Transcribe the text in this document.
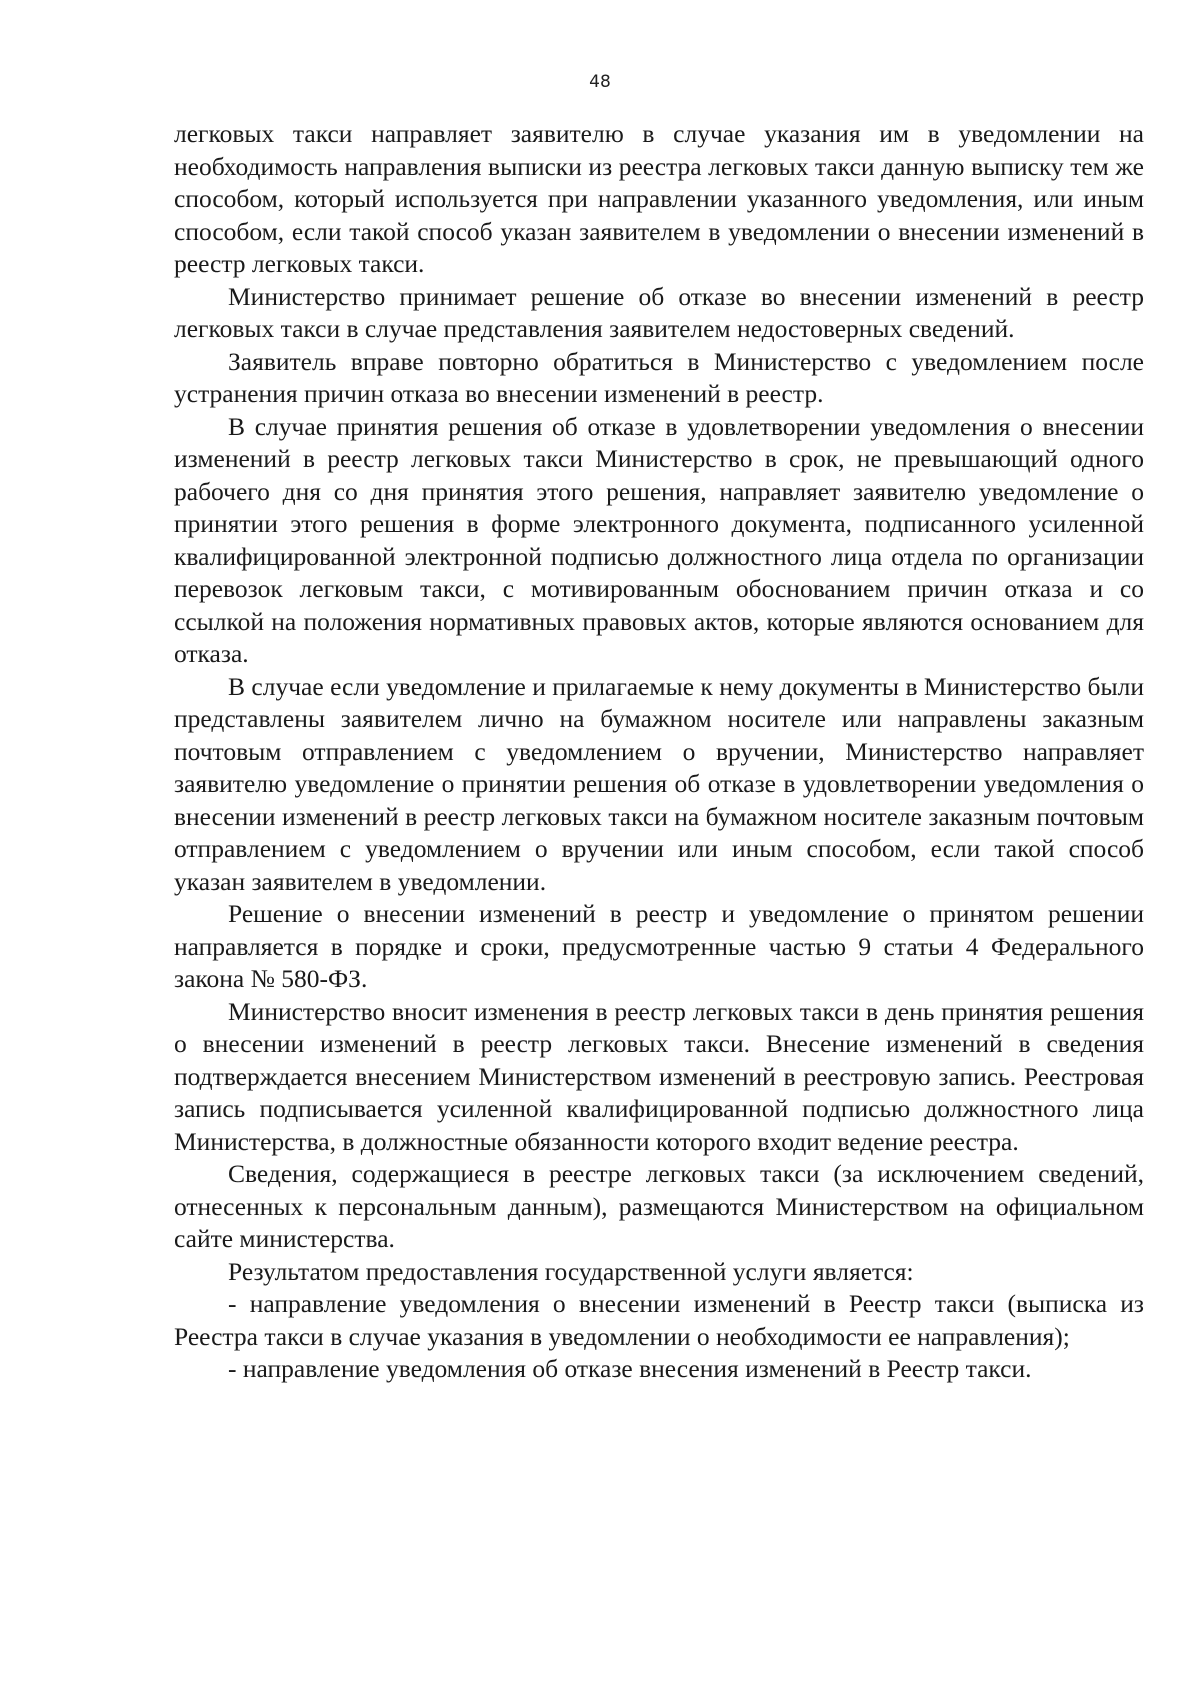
48

легковых такси направляет заявителю в случае указания им в уведомлении на необходимость направления выписки из реестра легковых такси данную выписку тем же способом, который используется при направлении указанного уведомления, или иным способом, если такой способ указан заявителем в уведомлении о внесении изменений в реестр легковых такси.

Министерство принимает решение об отказе во внесении изменений в реестр легковых такси в случае представления заявителем недостоверных сведений.

Заявитель вправе повторно обратиться в Министерство с уведомлением после устранения причин отказа во внесении изменений в реестр.

В случае принятия решения об отказе в удовлетворении уведомления о внесении изменений в реестр легковых такси Министерство в срок, не превышающий одного рабочего дня со дня принятия этого решения, направляет заявителю уведомление о принятии этого решения в форме электронного документа, подписанного усиленной квалифицированной электронной подписью должностного лица отдела по организации перевозок легковым такси, с мотивированным обоснованием причин отказа и со ссылкой на положения нормативных правовых актов, которые являются основанием для отказа.

В случае если уведомление и прилагаемые к нему документы в Министерство были представлены заявителем лично на бумажном носителе или направлены заказным почтовым отправлением с уведомлением о вручении, Министерство направляет заявителю уведомление о принятии решения об отказе в удовлетворении уведомления о внесении изменений в реестр легковых такси на бумажном носителе заказным почтовым отправлением с уведомлением о вручении или иным способом, если такой способ указан заявителем в уведомлении.

Решение о внесении изменений в реестр и уведомление о принятом решении направляется в порядке и сроки, предусмотренные частью 9 статьи 4 Федерального закона № 580-ФЗ.

Министерство вносит изменения в реестр легковых такси в день принятия решения о внесении изменений в реестр легковых такси. Внесение изменений в сведения подтверждается внесением Министерством изменений в реестровую запись. Реестровая запись подписывается усиленной квалифицированной подписью должностного лица Министерства, в должностные обязанности которого входит ведение реестра.

Сведения, содержащиеся в реестре легковых такси (за исключением сведений, отнесенных к персональным данным), размещаются Министерством на официальном сайте министерства.

Результатом предоставления государственной услуги является:

- направление уведомления о внесении изменений в Реестр такси (выписка из Реестра такси в случае указания в уведомлении о необходимости ее направления);

- направление уведомления об отказе внесения изменений в Реестр такси.
